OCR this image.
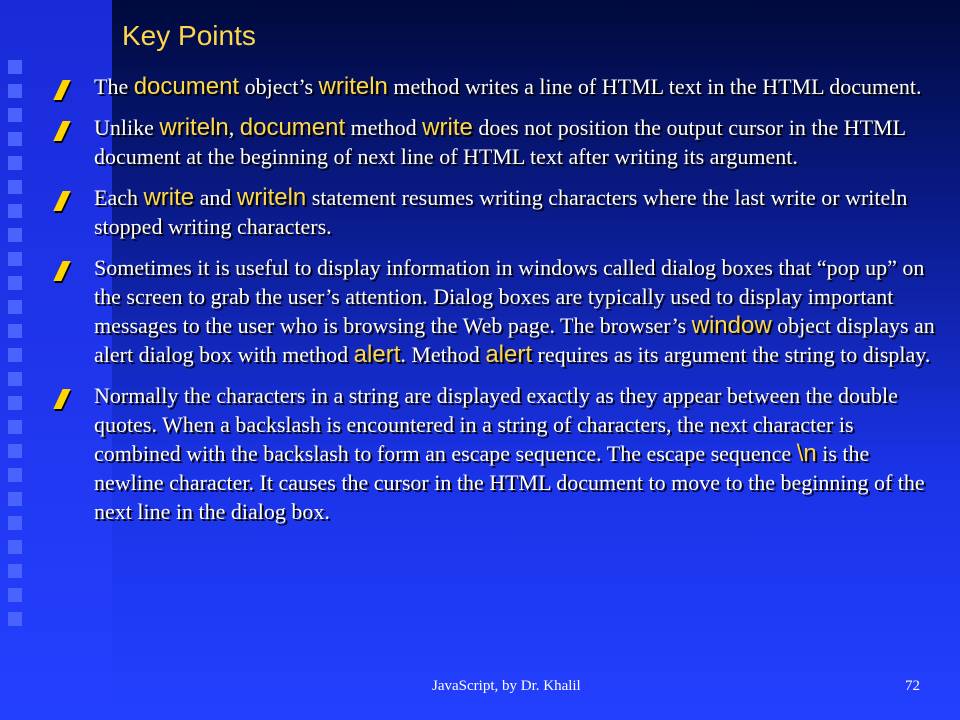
Key Points
The document object’s writeln method writes a line of HTML text in the HTML document.
Unlike writeln, document method write does not position the output cursor in the HTML document at the beginning of next line of HTML text after writing its argument.
Each write and writeln statement resumes writing characters where the last write or writeln stopped writing characters.
Sometimes it is useful to display information in windows called dialog boxes that “pop up” on the screen to grab the user’s attention. Dialog boxes are typically used to display important messages to the user who is browsing the Web page. The browser’s window object displays an alert dialog box with method alert. Method alert requires as its argument the string to display.
Normally the characters in a string are displayed exactly as they appear between the double quotes. When a backslash is encountered in a string of characters, the next character is combined with the backslash to form an escape sequence. The escape sequence \n is the newline character. It causes the cursor in the HTML document to move to the beginning of the next line in the dialog box.
JavaScript, by Dr. Khalil	72
